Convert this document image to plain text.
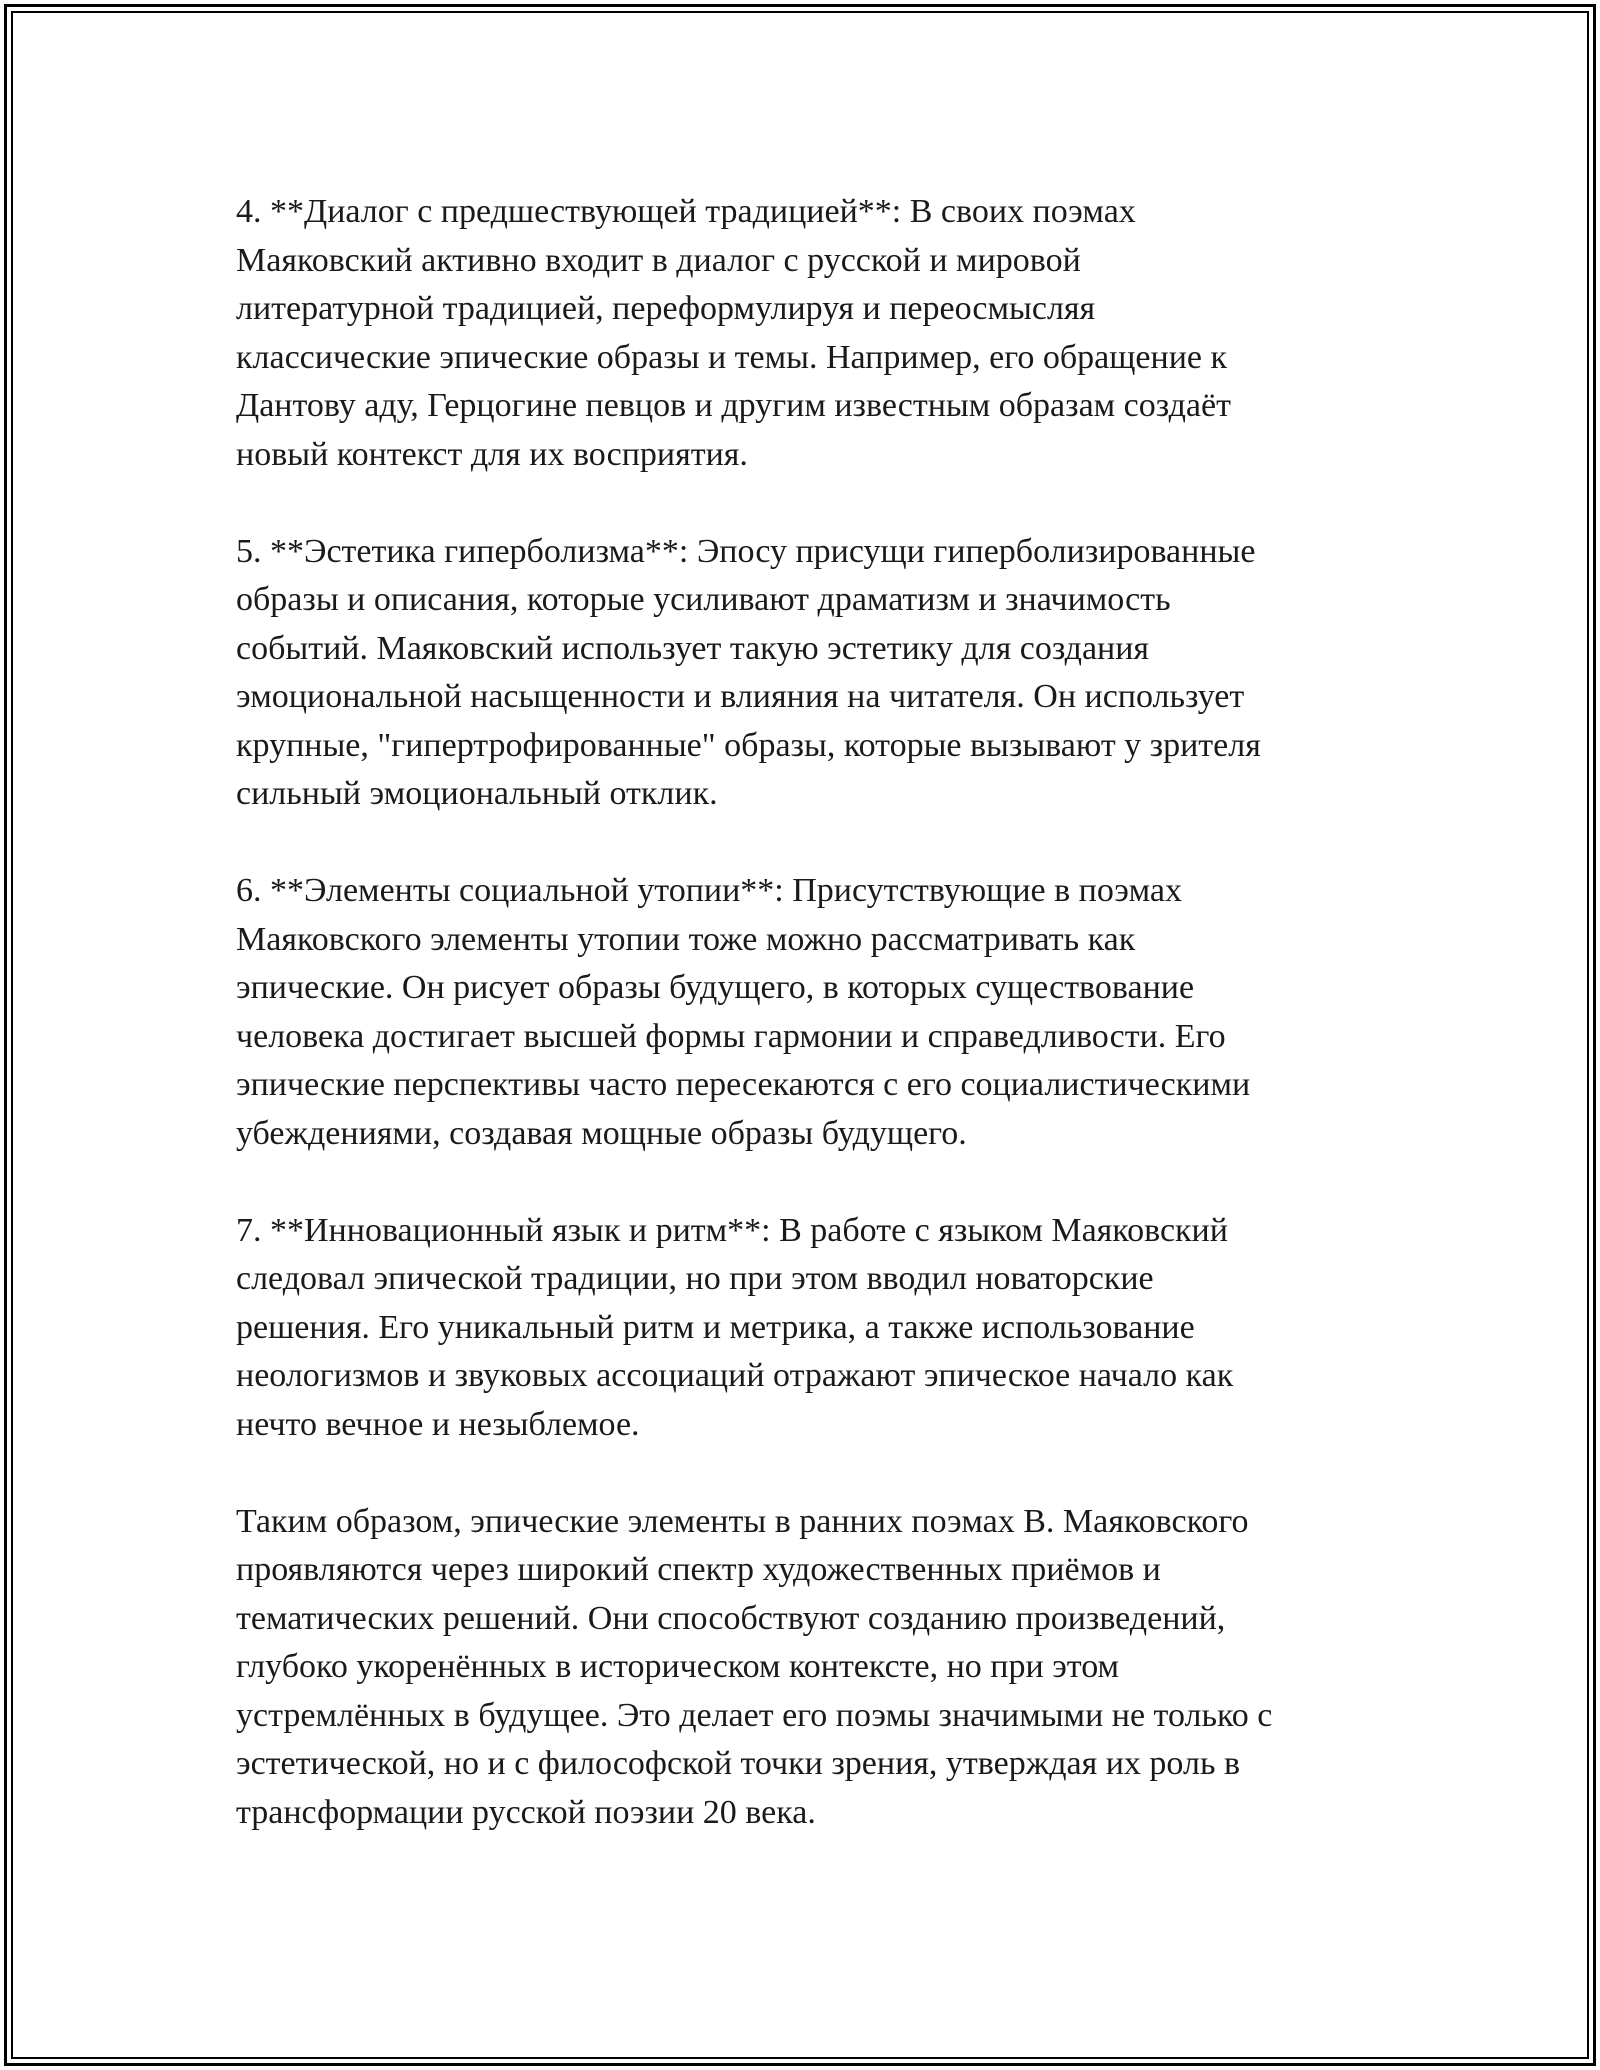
4. **Диалог с предшествующей традицией**: В своих поэмах
Маяковский активно входит в диалог с русской и мировой
литературной традицией, переформулируя и переосмысляя
классические эпические образы и темы. Например, его обращение к
Дантову аду, Герцогине певцов и другим известным образам создаёт
новый контекст для их восприятия.
5. **Эстетика гиперболизма**: Эпосу присущи гиперболизированные
образы и описания, которые усиливают драматизм и значимость
событий. Маяковский использует такую эстетику для создания
эмоциональной насыщенности и влияния на читателя. Он использует
крупные, "гипертрофированные" образы, которые вызывают у зрителя
сильный эмоциональный отклик.
6. **Элементы социальной утопии**: Присутствующие в поэмах
Маяковского элементы утопии тоже можно рассматривать как
эпические. Он рисует образы будущего, в которых существование
человека достигает высшей формы гармонии и справедливости. Его
эпические перспективы часто пересекаются с его социалистическими
убеждениями, создавая мощные образы будущего.
7. **Инновационный язык и ритм**: В работе с языком Маяковский
следовал эпической традиции, но при этом вводил новаторские
решения. Его уникальный ритм и метрика, а также использование
неологизмов и звуковых ассоциаций отражают эпическое начало как
нечто вечное и незыблемое.
Таким образом, эпические элементы в ранних поэмах В. Маяковского
проявляются через широкий спектр художественных приёмов и
тематических решений. Они способствуют созданию произведений,
глубоко укоренённых в историческом контексте, но при этом
устремлённых в будущее. Это делает его поэмы значимыми не только с
эстетической, но и с философской точки зрения, утверждая их роль в
трансформации русской поэзии 20 века.
